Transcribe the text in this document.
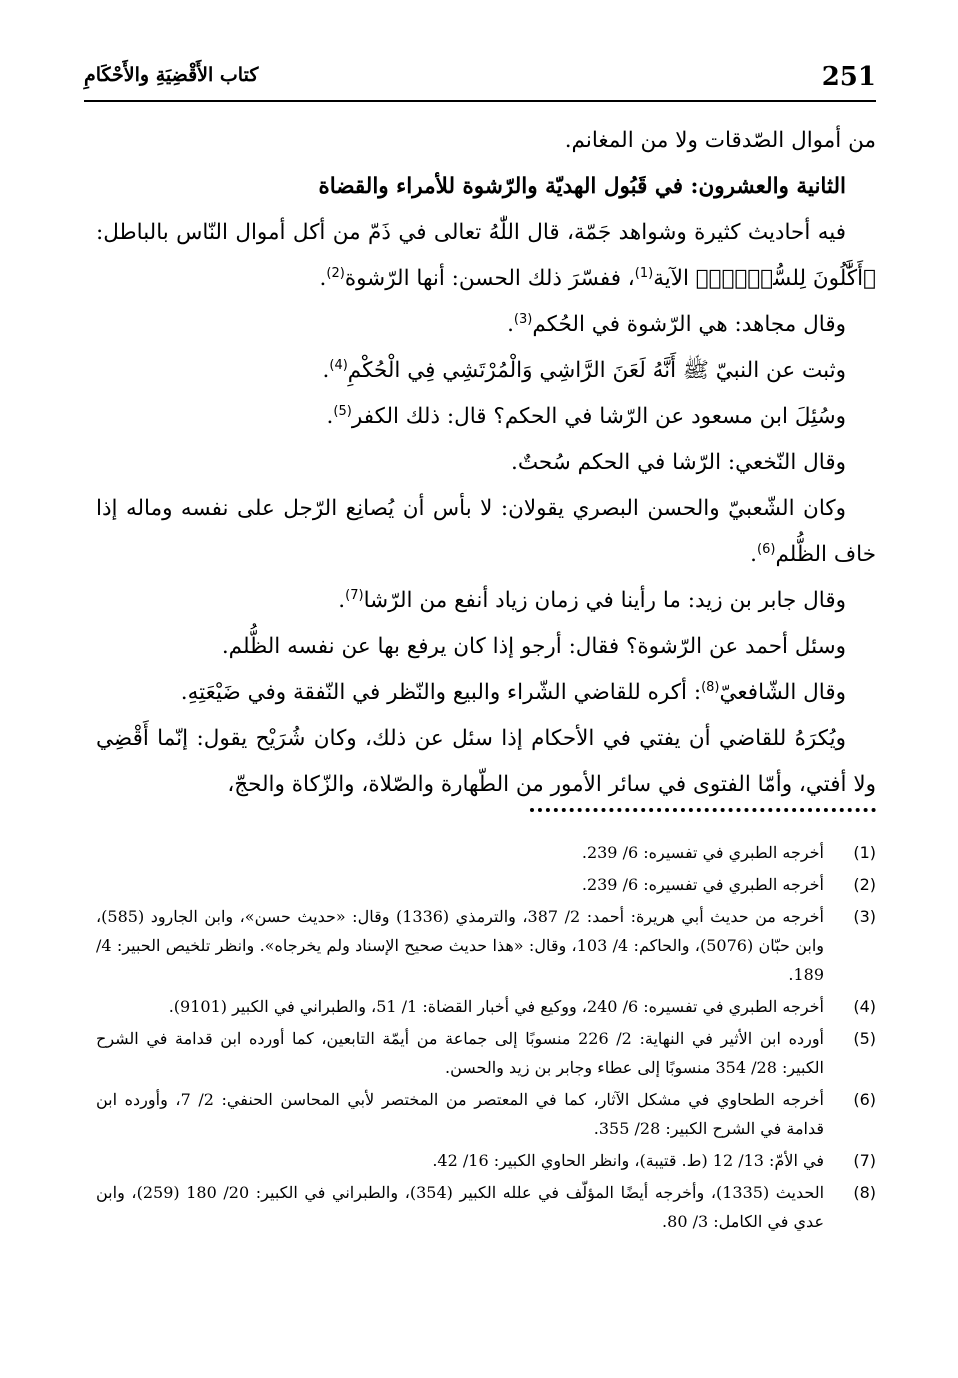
251
كتاب الأَقْضِيَةِ والأَحْكَامِ

من أموال الصّدقات ولا من المغانم.

الثانية والعشرون: في قَبُول الهديّة والرّشوة للأمراء والقضاة

فيه أحاديث كثيرة وشواهد جَمّة، قال اللّٰهُ تعالى في ذَمّ من أكل أموال النّاس بالباطل: ﴿أَكَّٰلُونَ لِلسُّحۡتِۚ﴾ الآية$^{(1)}$، ففسّرَ ذلك الحسن: أنها الرّشوة$^{(2)}$.

وقال مجاهد: هي الرّشوة في الحُكم$^{(3)}$.

وثبت عن النبيّ ﷺ أَنَّهُ لَعَنَ الرَّاشِي وَالْمُرْتَشِي فِي الْحُكْمِ$^{(4)}$.

وسُئِلَ ابن مسعود عن الرّشا في الحكم؟ قال: ذلك الكفر$^{(5)}$.

وقال النّخعي: الرّشا في الحكم سُحتٌ.

وكان الشّعبيّ والحسن البصري يقولان: لا بأس أن يُصانِع الرّجل على نفسه وماله إذا خاف الظُّلم$^{(6)}$.

وقال جابر بن زيد: ما رأينا في زمان زياد أنفع من الرّشا$^{(7)}$.

وسئل أحمد عن الرّشوة؟ فقال: أرجو إذا كان يرفع بها عن نفسه الظُّلم.

وقال الشّافعيّ$^{(8)}$: أكره للقاضي الشّراء والبيع والنّظر في النّفقة وفي ضَيْعَتِهِ.

ويُكرَهُ للقاضي أن يفتي في الأحكام إذا سئل عن ذلك، وكان شُرَيْح يقول: إنّما أَقْضِي ولا أفتي، وأمّا الفتوى في سائر الأمور من الطّهارة والصّلاة، والزّكاة والحجّ،

(1)
أخرجه الطبري في تفسيره: 6/ 239.
(2)
أخرجه الطبري في تفسيره: 6/ 239.
(3)
أخرجه من حديث أبي هريرة: أحمد: 2/ 387، والترمذي (1336) وقال: «حديث حسن»، وابن الجارود (585)، وابن حبّان (5076)، والحاكم: 4/ 103، وقال: «هذا حديث صحيح الإسناد ولم يخرجاه». وانظر تلخيص الحبير: 4/ 189.
(4)
أخرجه الطبري في تفسيره: 6/ 240، ووكيع في أخبار القضاة: 1/ 51، والطبراني في الكبير (9101).
(5)
أورده ابن الأثير في النهاية: 2/ 226 منسوبًا إلى جماعة من أيمّة التابعين، كما أورده ابن قدامة في الشرح الكبير: 28/ 354 منسوبًا إلى عطاء وجابر بن زيد والحسن.
(6)
أخرجه الطحاوي في مشكل الآثار، كما في المعتصر من المختصر لأبي المحاسن الحنفي: 2/ 7، وأورده ابن قدامة في الشرح الكبير: 28/ 355.
(7)
في الأمّ: 13/ 12 (ط. قتيبة)، وانظر الحاوي الكبير: 16/ 42.
(8)
الحديث (1335)، وأخرجه أيضًا المؤلّف في علله الكبير (354)، والطبراني في الكبير: 20/ 180 (259)، وابن عدي في الكامل: 3/ 80.
